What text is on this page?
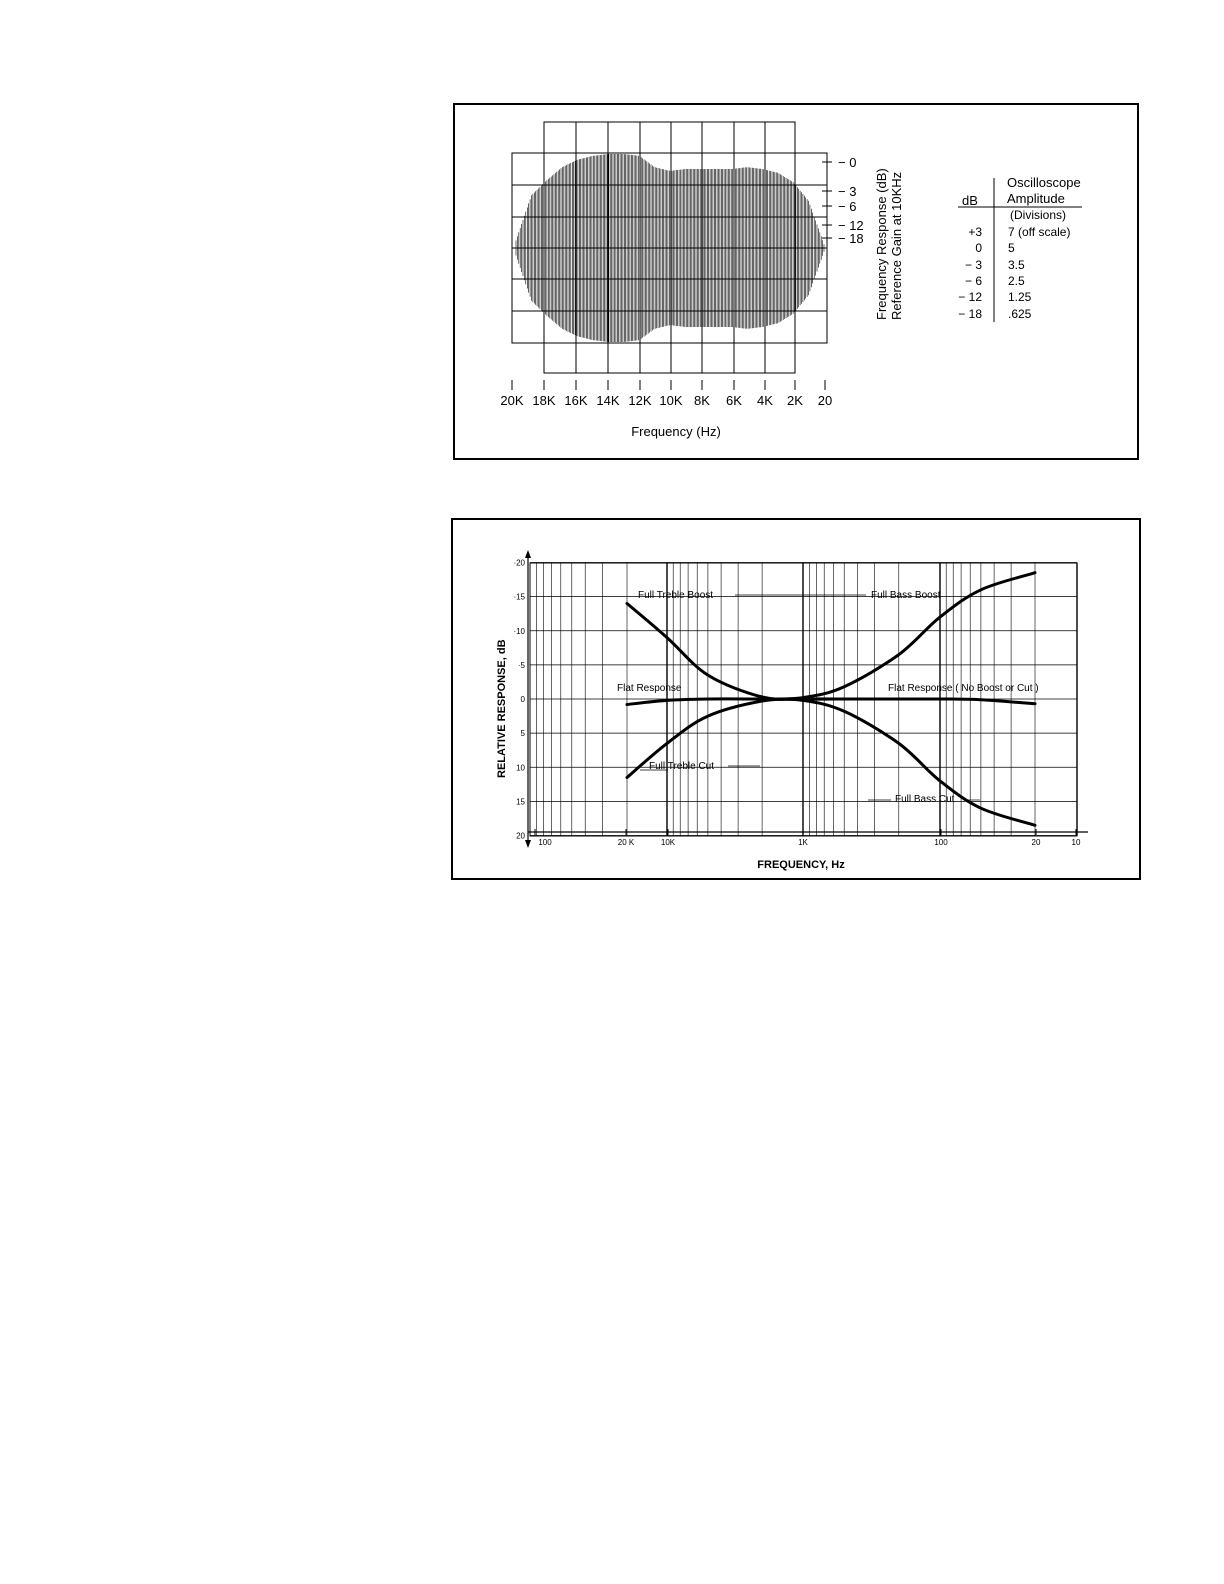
20K 18K 16K 14K 12K 10K 8K 6K 4K 2K 20
− 0
− 3
− 6
− 12
− 18
Frequency (Hz)
Frequency Response (dB) Reference Gain at 10KHz	Oscilloscope
Amplitude
(Divisions)
dB
+3 7 (off scale)
0 5
− 3 3.5
− 6 2.5
− 12 1.25
− 18 .625
·20
·15
·10
·5
0
5
10
15
20
100	20 K	10K	1K	100	20	10
Full Treble Boost	Full Bass Boost
Flat Response	Flat Response ( No Boost or Cut )
Full Treble Cut
Full Bass Cut
FREQUENCY, Hz
RELATIVE RESPONSE, dB
